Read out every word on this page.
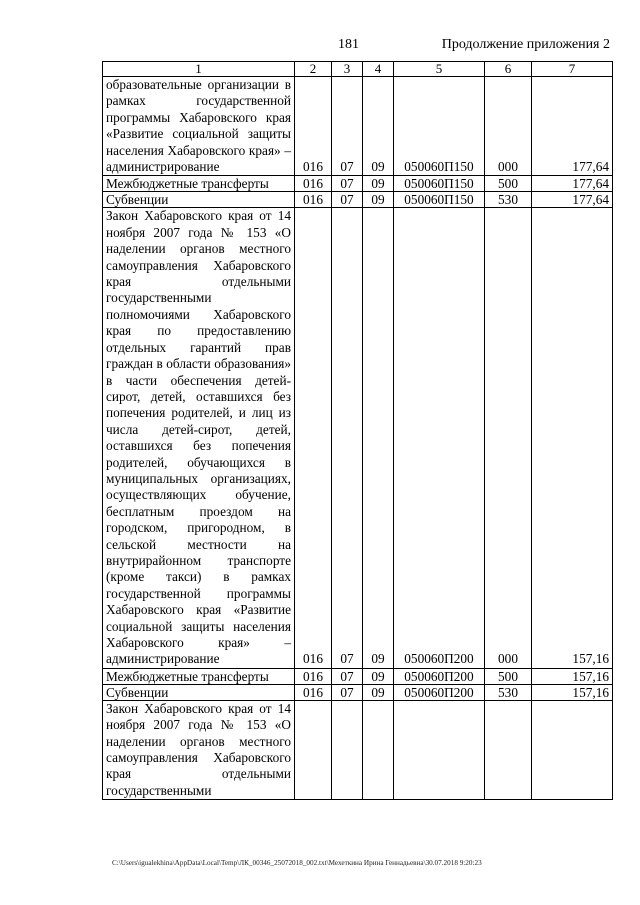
181	Продолжение приложения 2
1	2	3	4	5	6	7
образовательные организации в рамках государственной программы Хабаровского края «Развитие социальной защиты населения Хабаровского края» – администрирование	016	07	09	050060П150	000	177,64
Межбюджетные трансферты	016	07	09	050060П150	500	177,64
Субвенции	016	07	09	050060П150	530	177,64
Закон Хабаровского края от 14 ноября 2007 года № 153 «О наделении органов местного самоуправления Хабаровского края отдельными государственными полномочиями Хабаровского края по предоставлению отдельных гарантий прав граждан в области образования» в части обеспечения детей-сирот, детей, оставшихся без попечения родителей, и лиц из числа детей-сирот, детей, оставшихся без попечения родителей, обучающихся в муниципальных организациях, осуществляющих обучение, бесплатным проездом на городском, пригородном, в сельской местности на внутрирайонном транспорте (кроме такси) в рамках государственной программы Хабаровского края «Развитие социальной защиты населения Хабаровского края» – администрирование	016	07	09	050060П200	000	157,16
Межбюджетные трансферты	016	07	09	050060П200	500	157,16
Субвенции	016	07	09	050060П200	530	157,16
Закон Хабаровского края от 14 ноября 2007 года № 153 «О наделении органов местного самоуправления Хабаровского края отдельными государственными						
C:\Users\igualekhina\AppData\Local\Temp\ЛК_00346_25072018_002.txt\Мехеткина Ирина Геннадьевна\30.07.2018 9:20:23
